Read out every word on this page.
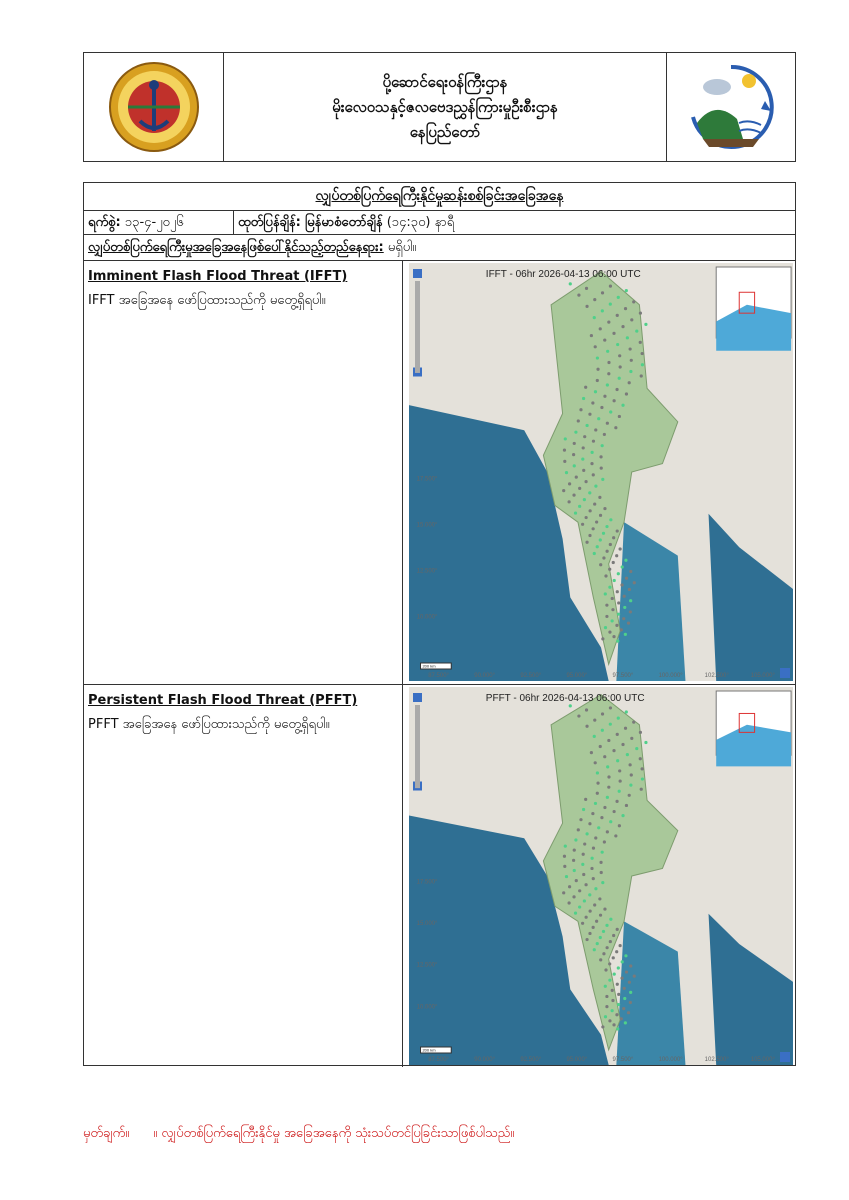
ပို့ဆောင်ရေးဝန်ကြီးဌာန
မိုးလေဝသနှင့်ဇလဗေဒညွှန်ကြားမှုဦးစီးဌာန
နေပြည်တော်
လျှပ်တစ်ပြက်ရေကြီးနိုင်မှုဆန်းစစ်ခြင်းအခြေအနေ
ရက်စွဲ: ၁၃-၄-၂၀၂၆	ထုတ်ပြန်ချိန်: မြန်မာစံတော်ချိန် (၁၄:၃၀) နာရီ
လျှပ်တစ်ပြက်ရေကြီးမှုအခြေအနေဖြစ်ပေါ်နိုင်သည့်တည်နေရား: မရှိပါ။
Imminent Flash Flood Threat (IFFT)
IFFT အခြေအနေ ဖော်ပြထားသည်ကို မတွေ့ရှိရပါ။
IFFT - 06hr 2026-04-13 06:00 UTC
17.500°
15.000°
12.500°
10.000°
87.500°	90.000°	92.500°	95.000°	97.500°	100.000°	102.500°	105.000°
200 km
Persistent Flash Flood Threat (PFFT)
PFFT အခြေအနေ ဖော်ပြထားသည်ကို မတွေ့ရှိရပါ။
PFFT - 06hr 2026-04-13 06:00 UTC
17.500°
15.000°
12.500°
10.000°
87.500°	90.000°	92.500°	95.000°	97.500°	100.000°	102.500°	105.000°
200 km
မှတ်ချက်။ ။ လျှပ်တစ်ပြက်ရေကြီးနိုင်မှု အခြေအနေကို သုံးသပ်တင်ပြခြင်းသာဖြစ်ပါသည်။
